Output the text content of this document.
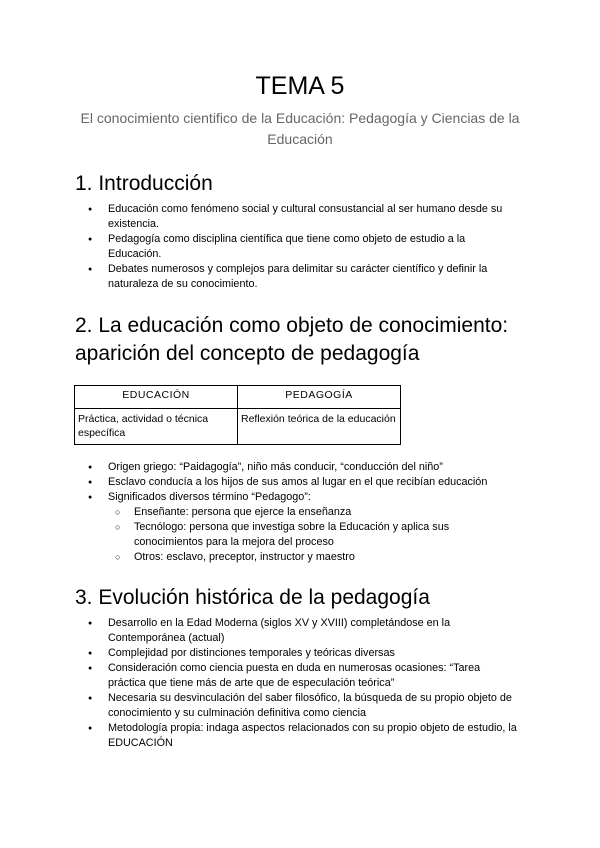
TEMA 5

El conocimiento cientifico de la Educación: Pedagogía y Ciencias de la Educación

1. Introducción
● Educación como fenómeno social y cultural consustancial al ser humano desde su existencia.
● Pedagogía como disciplina científica que tiene como objeto de estudio a la Educación.
● Debates numerosos y complejos para delimitar su carácter científico y definir la naturaleza de su conocimiento.
2. La educación como objeto de conocimiento: aparición del concepto de pedagogía
EDUCACIÓN	PEDAGOGÍA
Práctica, actividad o técnica específica	Reflexión teórica de la educación
● Origen griego: “Paidagogía”, niño más conducir, “conducción del niño”
● Esclavo conducía a los hijos de sus amos al lugar en el que recibían educación
● Significados diversos término “Pedagogo”:
○ Enseñante: persona que ejerce la enseñanza
○ Tecnólogo: persona que investiga sobre la Educación y aplica sus conocimientos para la mejora del proceso
○ Otros: esclavo, preceptor, instructor y maestro
3. Evolución histórica de la pedagogía
● Desarrollo en la Edad Moderna (siglos XV y XVIII) completándose en la Contemporánea (actual)
● Complejidad por distinciones temporales y teóricas diversas
● Consideración como ciencia puesta en duda en numerosas ocasiones: “Tarea práctica que tiene más de arte que de especulación teórica”
● Necesaria su desvinculación del saber filosófico, la búsqueda de su propio objeto de conocimiento y su culminación definitiva como ciencia
● Metodología propia: indaga aspectos relacionados con su propio objeto de estudio, la EDUCACIÓN
